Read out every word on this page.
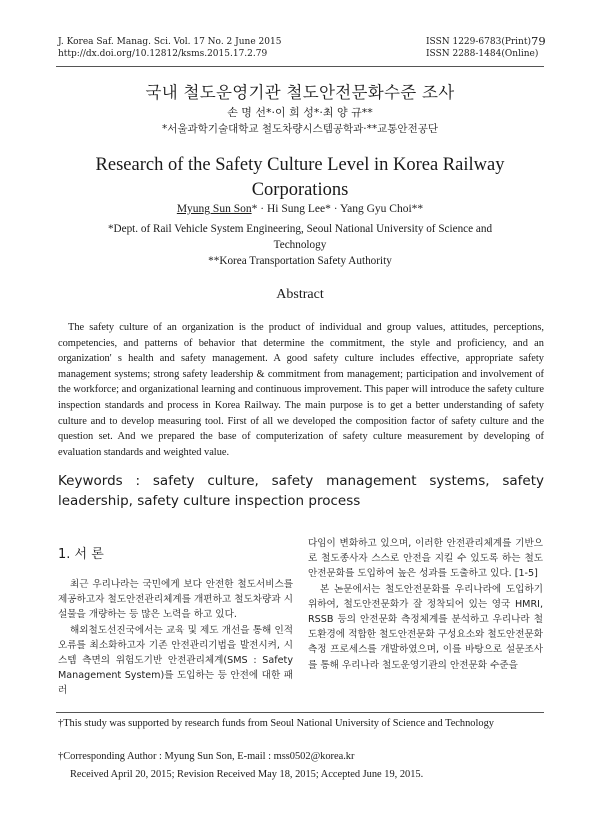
J. Korea Saf. Manag. Sci. Vol. 17 No. 2 June 2015
http://dx.doi.org/10.12812/ksms.2015.17.2.79
ISSN 1229-6783(Print)
ISSN 2288-1484(Online)
79
국내 철도운영기관 철도안전문화수준 조사
손 명 선*·이 희 성*·최 양 규**
*서울과학기술대학교 철도차량시스템공학과·**교통안전공단
Research of the Safety Culture Level in Korea Railway
Corporations
Myung Sun Son* · Hi Sung Lee* · Yang Gyu Choi**
*Dept. of Rail Vehicle System Engineering, Seoul National University of Science and
Technology
**Korea Transportation Safety Authority
Abstract

The safety culture of an organization is the product of individual and group values, attitudes, perceptions, competencies, and patterns of behavior that determine the commitment, the style and proficiency, and an organization' s health and safety management. A good safety culture includes effective, appropriate safety management systems; strong safety leadership & commitment from management; participation and involvement of the workforce; and organizational learning and continuous improvement. This paper will introduce the safety culture inspection standards and process in Korea Railway. The main purpose is to get a better understanding of safety culture and to develop measuring tool. First of all we developed the composition factor of safety culture and the question set. And we prepared the base of computerization of safety culture measurement by developing of evaluation standards and weighted value.

Keywords : safety culture, safety management systems, safety leadership, safety culture inspection process

1. 서 론

최근 우리나라는 국민에게 보다 안전한 철도서비스를 제공하고자 철도안전관리체계를 개편하고 철도차량과 시설물을 개량하는 등 많은 노력을 하고 있다.

해외철도선진국에서는 교육 및 제도 개선을 통해 인적오류를 최소화하고자 기존 안전관리기법을 발전시켜, 시스템 측면의 위험도기반 안전관리체계(SMS : Safety Management System)를 도입하는 등 안전에 대한 패러

다임이 변화하고 있으며, 이러한 안전관리체계를 기반으로 철도종사자 스스로 안전을 지킬 수 있도록 하는 철도안전문화를 도입하여 높은 성과를 도출하고 있다. [1-5]

본 논문에서는 철도안전문화를 우리나라에 도입하기 위하여, 철도안전문화가 잘 정착되어 있는 영국 HMRI, RSSB 등의 안전문화 측정체계를 분석하고 우리나라 철도환경에 적합한 철도안전문화 구성요소와 철도안전문화 측정 프로세스를 개발하였으며, 이를 바탕으로 설문조사를 통해 우리나라 철도운영기관의 안전문화 수준을

†This study was supported by research funds from Seoul National University of Science and Technology

†Corresponding Author : Myung Sun Son, E-mail : mss0502@korea.kr

Received April 20, 2015; Revision Received May 18, 2015; Accepted June 19, 2015.
